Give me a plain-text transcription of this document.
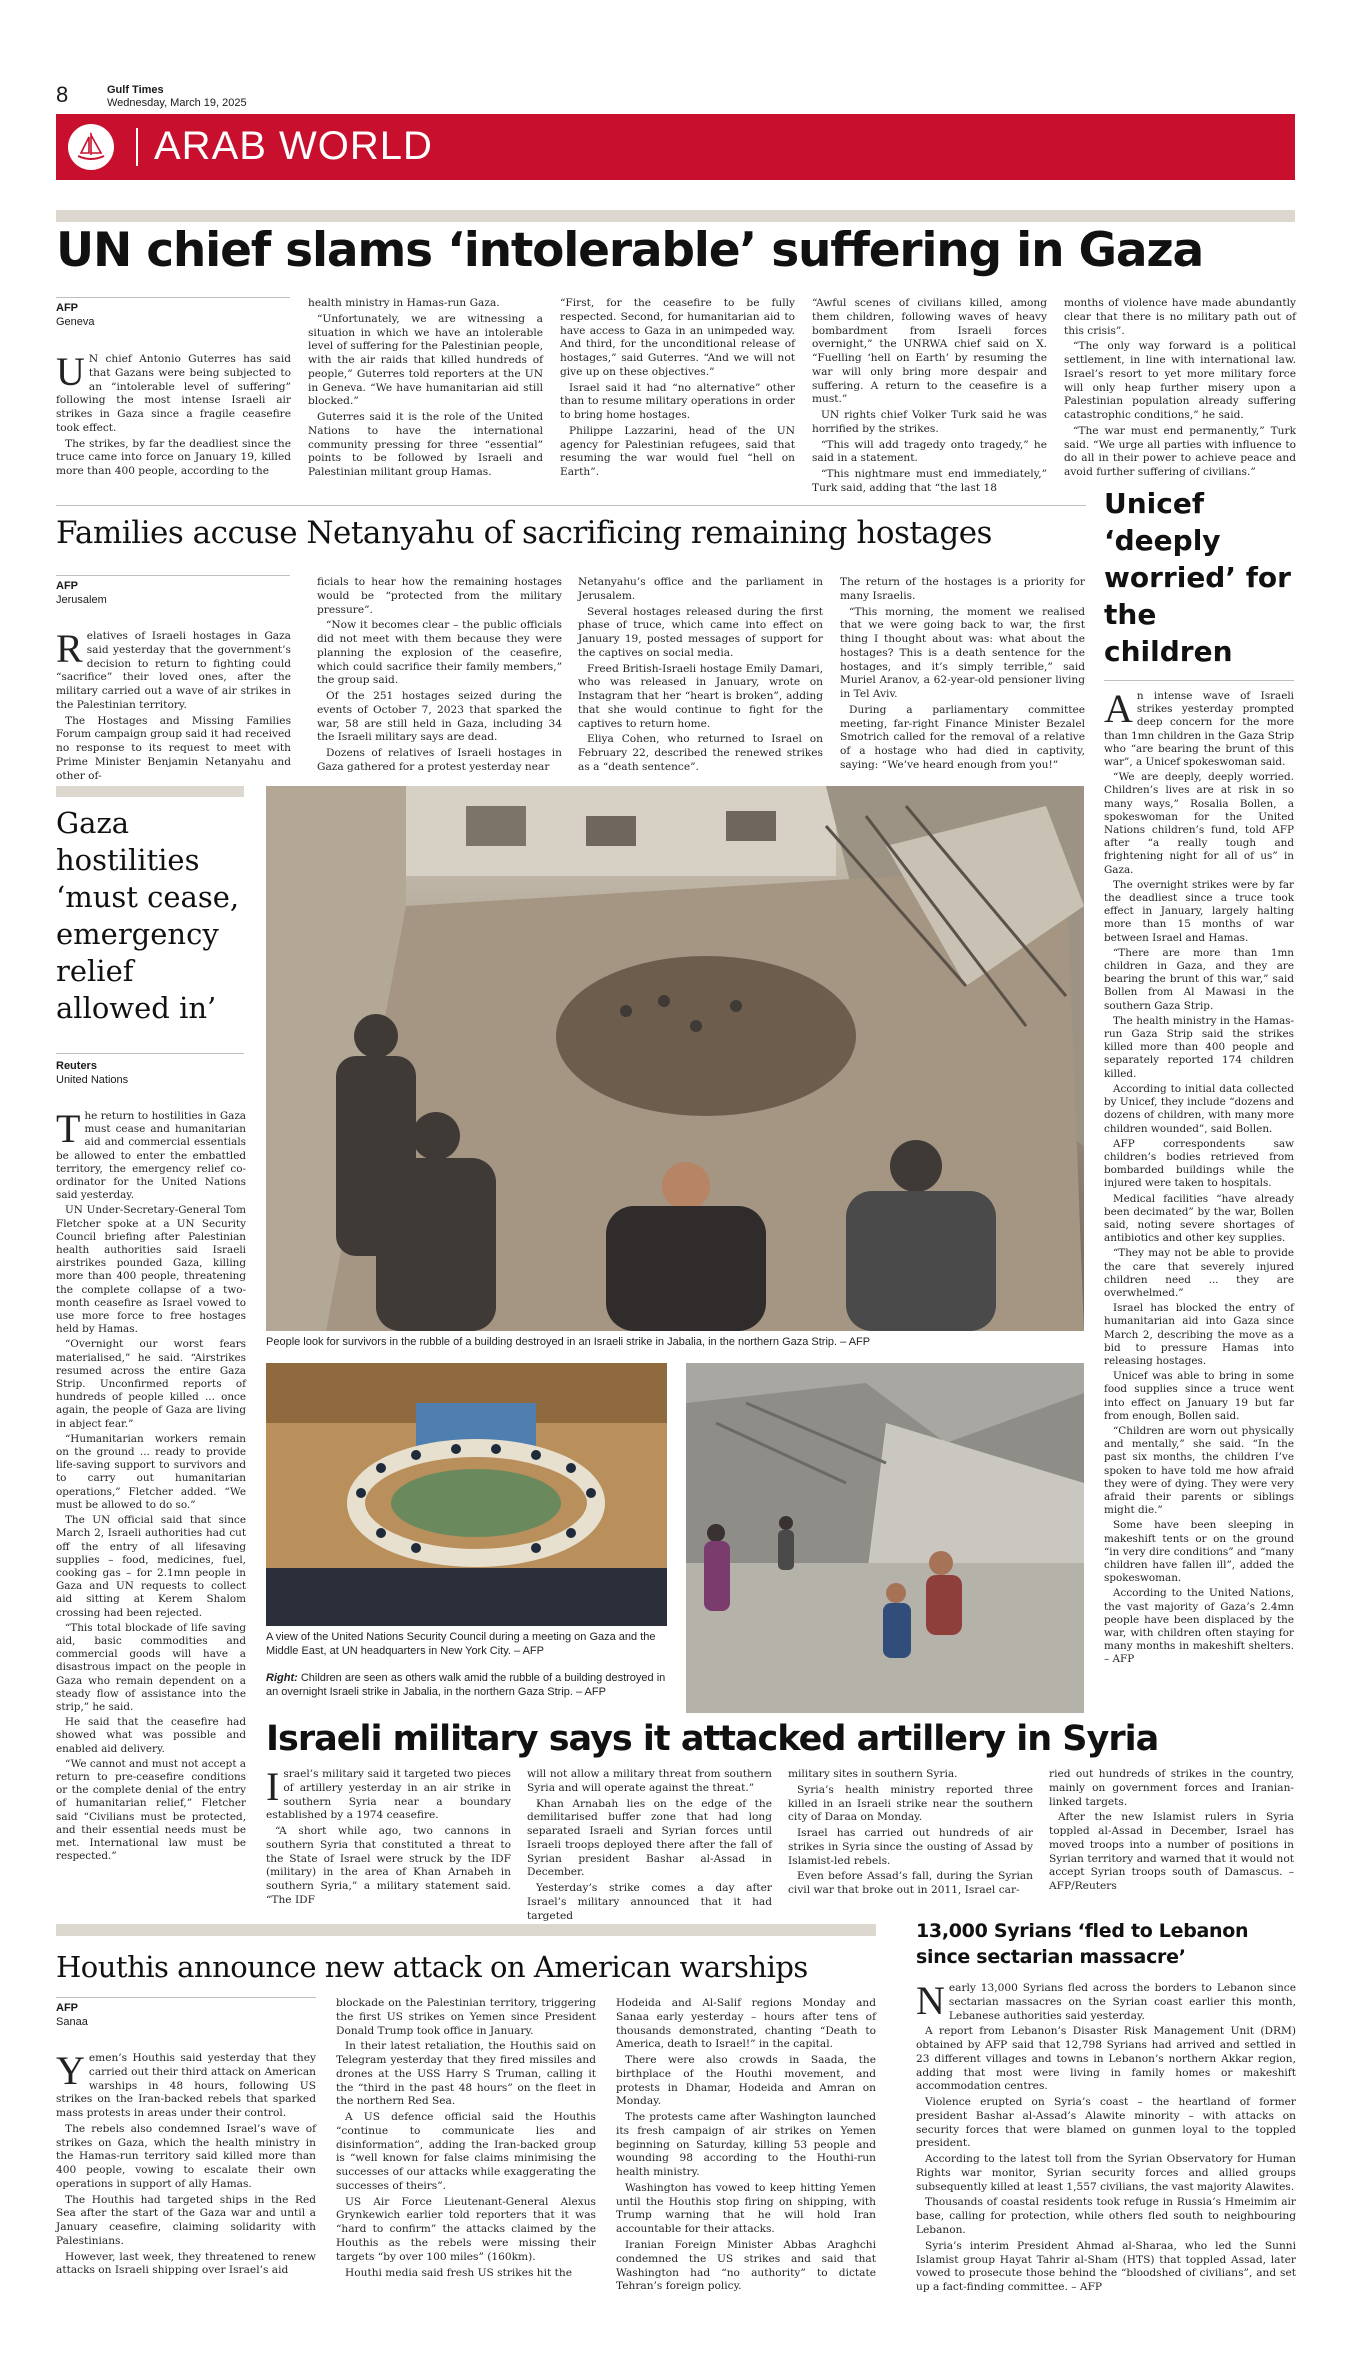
8	Gulf Times
Wednesday, March 19, 2025
ARAB WORLD
UN chief slams ‘intolerable’ suffering in Gaza
AFP
Geneva

U N chief Antonio Guterres has said that Gazans were being subjected to an “intolerable level of suffering” following the most intense Israeli air strikes in Gaza since a fragile ceasefire took effect.

The strikes, by far the deadliest since the truce came into force on January 19, killed more than 400 people, according to the

health ministry in Hamas-run Gaza.

“Unfortunately, we are witnessing a situation in which we have an intolerable level of suffering for the Palestinian people, with the air raids that killed hundreds of people,” Guterres told reporters at the UN in Geneva. “We have humanitarian aid still blocked.”

Guterres said it is the role of the United Nations to have the international community pressing for three “essential” points to be followed by Israeli and Palestinian militant group Hamas.

“First, for the ceasefire to be fully respected. Second, for humanitarian aid to have access to Gaza in an unimpeded way. And third, for the unconditional release of hostages,” said Guterres. “And we will not give up on these objectives.”

Israel said it had “no alternative” other than to resume military operations in order to bring home hostages.

Philippe Lazzarini, head of the UN agency for Palestinian refugees, said that resuming the war would fuel “hell on Earth”.

“Awful scenes of civilians killed, among them children, following waves of heavy bombardment from Israeli forces overnight,” the UNRWA chief said on X. “Fuelling ‘hell on Earth’ by resuming the war will only bring more despair and suffering. A return to the ceasefire is a must.”

UN rights chief Volker Turk said he was horrified by the strikes.

“This will add tragedy onto tragedy,” he said in a statement.

“This nightmare must end immediately,” Turk said, adding that “the last 18

months of violence have made abundantly clear that there is no military path out of this crisis”.

“The only way forward is a political settlement, in line with international law. Israel’s resort to yet more military force will only heap further misery upon a Palestinian population already suffering catastrophic conditions,” he said.

“The war must end permanently,” Turk said. “We urge all parties with influence to do all in their power to achieve peace and avoid further suffering of civilians.”

Families accuse Netanyahu of sacrificing remaining hostages
AFP
Jerusalem

Relatives of Israeli hostages in Gaza said yesterday that the government’s decision to return to fighting could “sacrifice” their loved ones, after the military carried out a wave of air strikes in the Palestinian territory.

The Hostages and Missing Families Forum campaign group said it had received no response to its request to meet with Prime Minister Benjamin Netanyahu and other of-

ficials to hear how the remaining hostages would be “protected from the military pressure”.

“Now it becomes clear – the public officials did not meet with them because they were planning the explosion of the ceasefire, which could sacrifice their family members,” the group said.

Of the 251 hostages seized during the events of October 7, 2023 that sparked the war, 58 are still held in Gaza, including 34 the Israeli military says are dead.

Dozens of relatives of Israeli hostages in Gaza gathered for a protest yesterday near

Netanyahu’s office and the parliament in Jerusalem.

Several hostages released during the first phase of truce, which came into effect on January 19, posted messages of support for the captives on social media.

Freed British-Israeli hostage Emily Damari, who was released in January, wrote on Instagram that her “heart is broken”, adding that she would continue to fight for the captives to return home.

Eliya Cohen, who returned to Israel on February 22, described the renewed strikes as a “death sentence”.

The return of the hostages is a priority for many Israelis.

“This morning, the moment we realised that we were going back to war, the first thing I thought about was: what about the hostages? This is a death sentence for the hostages, and it’s simply terrible,” said Muriel Aranov, a 62-year-old pensioner living in Tel Aviv.

During a parliamentary committee meeting, far-right Finance Minister Bezalel Smotrich called for the removal of a relative of a hostage who had died in captivity, saying: “We’ve heard enough from you!”

Unicef ‘deeply worried’ for the children

An intense wave of Israeli strikes yesterday prompted deep concern for the more than 1mn children in the Gaza Strip who “are bearing the brunt of this war”, a Unicef spokeswoman said.

“We are deeply, deeply worried. Children’s lives are at risk in so many ways,” Rosalia Bollen, a spokeswoman for the United Nations children’s fund, told AFP after “a really tough and frightening night for all of us” in Gaza.

The overnight strikes were by far the deadliest since a truce took effect in January, largely halting more than 15 months of war between Israel and Hamas.

“There are more than 1mn children in Gaza, and they are bearing the brunt of this war,” said Bollen from Al Mawasi in the southern Gaza Strip.

The health ministry in the Hamas-run Gaza Strip said the strikes killed more than 400 people and separately reported 174 children killed.

According to initial data collected by Unicef, they include “dozens and dozens of children, with many more children wounded”, said Bollen.

AFP correspondents saw children’s bodies retrieved from bombarded buildings while the injured were taken to hospitals.

Medical facilities “have already been decimated” by the war, Bollen said, noting severe shortages of antibiotics and other key supplies.

“They may not be able to provide the care that severely injured children need ... they are overwhelmed.”

Israel has blocked the entry of humanitarian aid into Gaza since March 2, describing the move as a bid to pressure Hamas into releasing hostages.

Unicef was able to bring in some food supplies since a truce went into effect on January 19 but far from enough, Bollen said.

“Children are worn out physically and mentally,” she said. “In the past six months, the children I’ve spoken to have told me how afraid they were of dying. They were very afraid their parents or siblings might die.”

Some have been sleeping in makeshift tents or on the ground “in very dire conditions” and “many children have fallen ill”, added the spokeswoman.

According to the United Nations, the vast majority of Gaza’s 2.4mn people have been displaced by the war, with children often staying for many months in makeshift shelters. – AFP

Gaza hostilities ‘must cease, emergency relief allowed in’
Reuters
United Nations

The return to hostilities in Gaza must cease and humanitarian aid and commercial essentials be allowed to enter the embattled territory, the emergency relief co-ordinator for the United Nations said yesterday.

UN Under-Secretary-General Tom Fletcher spoke at a UN Security Council briefing after Palestinian health authorities said Israeli airstrikes pounded Gaza, killing more than 400 people, threatening the complete collapse of a two-month ceasefire as Israel vowed to use more force to free hostages held by Hamas.

“Overnight our worst fears materialised,” he said. “Airstrikes resumed across the entire Gaza Strip. Unconfirmed reports of hundreds of people killed ... once again, the people of Gaza are living in abject fear.”

“Humanitarian workers remain on the ground ... ready to provide life-saving support to survivors and to carry out humanitarian operations,” Fletcher added. “We must be allowed to do so.”

The UN official said that since March 2, Israeli authorities had cut off the entry of all lifesaving supplies – food, medicines, fuel, cooking gas – for 2.1mn people in Gaza and UN requests to collect aid sitting at Kerem Shalom crossing had been rejected.

“This total blockade of life saving aid, basic commodities and commercial goods will have a disastrous impact on the people in Gaza who remain dependent on a steady flow of assistance into the strip,” he said.

He said that the ceasefire had showed what was possible and enabled aid delivery.

“We cannot and must not accept a return to pre-ceasefire conditions or the complete denial of the entry of humanitarian relief,” Fletcher said “Civilians must be protected, and their essential needs must be met. International law must be respected.”

People look for survivors in the rubble of a building destroyed in an Israeli strike in Jabalia, in the northern Gaza Strip. – AFP
A view of the United Nations Security Council during a meeting on Gaza and the Middle East, at UN headquarters in New York City. – AFP
Right: Children are seen as others walk amid the rubble of a building destroyed in an overnight Israeli strike in Jabalia, in the northern Gaza Strip. – AFP
Israeli military says it attacked artillery in Syria

Israel’s military said it targeted two pieces of artillery yesterday in an air strike in southern Syria near a boundary established by a 1974 ceasefire.

“A short while ago, two cannons in southern Syria that constituted a threat to the State of Israel were struck by the IDF (military) in the area of Khan Arnabeh in southern Syria,” a military statement said. “The IDF

will not allow a military threat from southern Syria and will operate against the threat.”

Khan Arnabah lies on the edge of the demilitarised buffer zone that had long separated Israeli and Syrian forces until Israeli troops deployed there after the fall of Syrian president Bashar al-Assad in December.

Yesterday’s strike comes a day after Israel’s military announced that it had targeted

military sites in southern Syria.

Syria’s health ministry reported three killed in an Israeli strike near the southern city of Daraa on Monday.

Israel has carried out hundreds of air strikes in Syria since the ousting of Assad by Islamist-led rebels.

Even before Assad’s fall, during the Syrian civil war that broke out in 2011, Israel car-

ried out hundreds of strikes in the country, mainly on government forces and Iranian-linked targets.

After the new Islamist rulers in Syria toppled al-Assad in December, Israel has moved troops into a number of positions in Syrian territory and warned that it would not accept Syrian troops south of Damascus. – AFP/Reuters

Houthis announce new attack on American warships
AFP
Sanaa

Yemen’s Houthis said yesterday that they carried out their third attack on American warships in 48 hours, following US strikes on the Iran-backed rebels that sparked mass protests in areas under their control.

The rebels also condemned Israel’s wave of strikes on Gaza, which the health ministry in the Hamas-run territory said killed more than 400 people, vowing to escalate their own operations in support of ally Hamas.

The Houthis had targeted ships in the Red Sea after the start of the Gaza war and until a January ceasefire, claiming solidarity with Palestinians.

However, last week, they threatened to renew attacks on Israeli shipping over Israel’s aid

blockade on the Palestinian territory, triggering the first US strikes on Yemen since President Donald Trump took office in January.

In their latest retaliation, the Houthis said on Telegram yesterday that they fired missiles and drones at the USS Harry S Truman, calling it the “third in the past 48 hours” on the fleet in the northern Red Sea.

A US defence official said the Houthis “continue to communicate lies and disinformation”, adding the Iran-backed group is “well known for false claims minimising the successes of our attacks while exaggerating the successes of theirs”.

US Air Force Lieutenant-General Alexus Grynkewich earlier told reporters that it was “hard to confirm” the attacks claimed by the Houthis as the rebels were missing their targets “by over 100 miles” (160km).

Houthi media said fresh US strikes hit the

Hodeida and Al-Salif regions Monday and Sanaa early yesterday – hours after tens of thousands demonstrated, chanting “Death to America, death to Israel!” in the capital.

There were also crowds in Saada, the birthplace of the Houthi movement, and protests in Dhamar, Hodeida and Amran on Monday.

The protests came after Washington launched its fresh campaign of air strikes on Yemen beginning on Saturday, killing 53 people and wounding 98 according to the Houthi-run health ministry.

Washington has vowed to keep hitting Yemen until the Houthis stop firing on shipping, with Trump warning that he will hold Iran accountable for their attacks.

Iranian Foreign Minister Abbas Araghchi condemned the US strikes and said that Washington had “no authority” to dictate Tehran’s foreign policy.

13,000 Syrians ‘fled to Lebanon since sectarian massacre’

Nearly 13,000 Syrians fled across the borders to Lebanon since sectarian massacres on the Syrian coast earlier this month, Lebanese authorities said yesterday.

A report from Lebanon’s Disaster Risk Management Unit (DRM) obtained by AFP said that 12,798 Syrians had arrived and settled in 23 different villages and towns in Lebanon’s northern Akkar region, adding that most were living in family homes or makeshift accommodation centres.

Violence erupted on Syria’s coast – the heartland of former president Bashar al-Assad’s Alawite minority – with attacks on security forces that were blamed on gunmen loyal to the toppled president.

According to the latest toll from the Syrian Observatory for Human Rights war monitor, Syrian security forces and allied groups subsequently killed at least 1,557 civilians, the vast majority Alawites.

Thousands of coastal residents took refuge in Russia’s Hmeimim air base, calling for protection, while others fled south to neighbouring Lebanon.

Syria’s interim President Ahmad al-Sharaa, who led the Sunni Islamist group Hayat Tahrir al-Sham (HTS) that toppled Assad, later vowed to prosecute those behind the “bloodshed of civilians”, and set up a fact-finding committee. – AFP
